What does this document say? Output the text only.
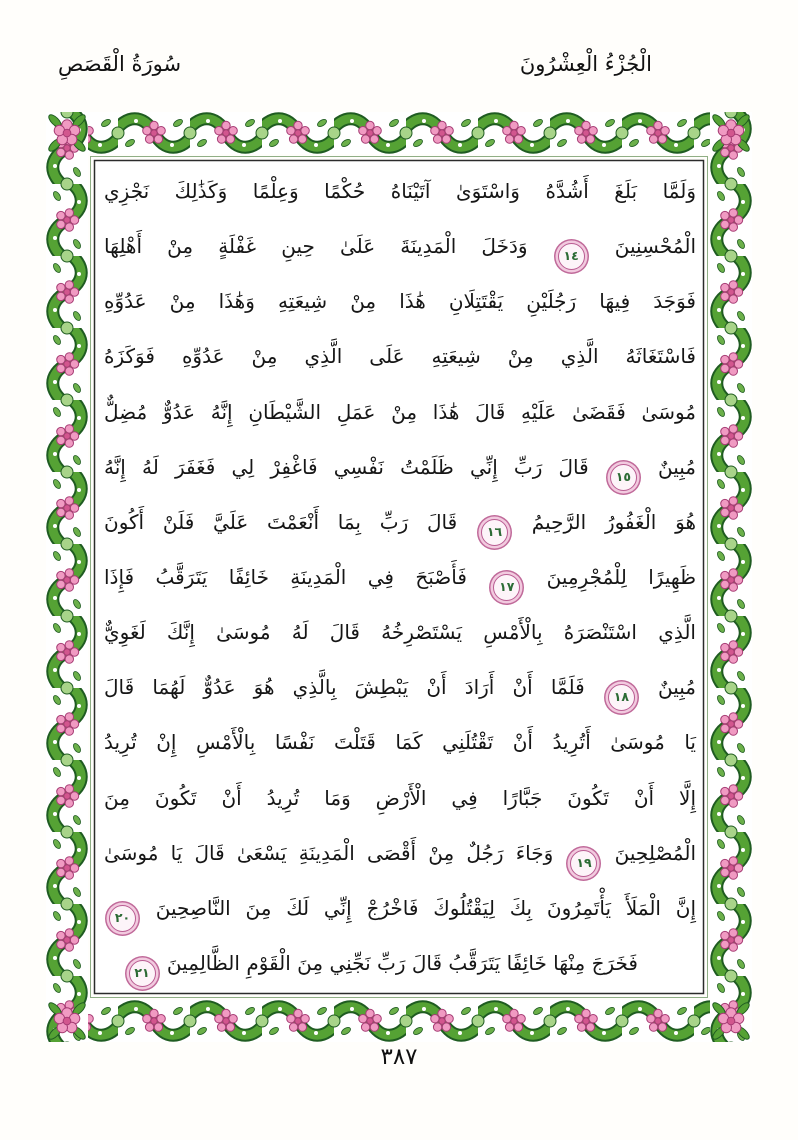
الْجُزْءُ الْعِشْرُونَ
سُورَةُ الْقَصَصِ
وَلَمَّا بَلَغَ أَشُدَّهُ وَاسْتَوَىٰ آتَيْنَاهُ حُكْمًا وَعِلْمًا وَكَذَٰلِكَ نَجْزِي
الْمُحْسِنِينَ ١٤ وَدَخَلَ الْمَدِينَةَ عَلَىٰ حِينِ غَفْلَةٍ مِنْ أَهْلِهَا
فَوَجَدَ فِيهَا رَجُلَيْنِ يَقْتَتِلَانِ هَٰذَا مِنْ شِيعَتِهِ وَهَٰذَا مِنْ عَدُوِّهِ
فَاسْتَغَاثَهُ الَّذِي مِنْ شِيعَتِهِ عَلَى الَّذِي مِنْ عَدُوِّهِ فَوَكَزَهُ
مُوسَىٰ فَقَضَىٰ عَلَيْهِ قَالَ هَٰذَا مِنْ عَمَلِ الشَّيْطَانِ إِنَّهُ عَدُوٌّ مُضِلٌّ
مُبِينٌ ١٥ قَالَ رَبِّ إِنِّي ظَلَمْتُ نَفْسِي فَاغْفِرْ لِي فَغَفَرَ لَهُ إِنَّهُ
هُوَ الْغَفُورُ الرَّحِيمُ ١٦ قَالَ رَبِّ بِمَا أَنْعَمْتَ عَلَيَّ فَلَنْ أَكُونَ
ظَهِيرًا لِلْمُجْرِمِينَ ١٧ فَأَصْبَحَ فِي الْمَدِينَةِ خَائِفًا يَتَرَقَّبُ فَإِذَا
الَّذِي اسْتَنْصَرَهُ بِالْأَمْسِ يَسْتَصْرِخُهُ قَالَ لَهُ مُوسَىٰ إِنَّكَ لَغَوِيٌّ
مُبِينٌ ١٨ فَلَمَّا أَنْ أَرَادَ أَنْ يَبْطِشَ بِالَّذِي هُوَ عَدُوٌّ لَهُمَا قَالَ
يَا مُوسَىٰ أَتُرِيدُ أَنْ تَقْتُلَنِي كَمَا قَتَلْتَ نَفْسًا بِالْأَمْسِ إِنْ تُرِيدُ
إِلَّا أَنْ تَكُونَ جَبَّارًا فِي الْأَرْضِ وَمَا تُرِيدُ أَنْ تَكُونَ مِنَ
الْمُصْلِحِينَ ١٩ وَجَاءَ رَجُلٌ مِنْ أَقْصَى الْمَدِينَةِ يَسْعَىٰ قَالَ يَا مُوسَىٰ
إِنَّ الْمَلَأَ يَأْتَمِرُونَ بِكَ لِيَقْتُلُوكَ فَاخْرُجْ إِنِّي لَكَ مِنَ النَّاصِحِينَ ٢٠
فَخَرَجَ مِنْهَا خَائِفًا يَتَرَقَّبُ قَالَ رَبِّ نَجِّنِي مِنَ الْقَوْمِ الظَّالِمِينَ ٢١
٣٨٧
